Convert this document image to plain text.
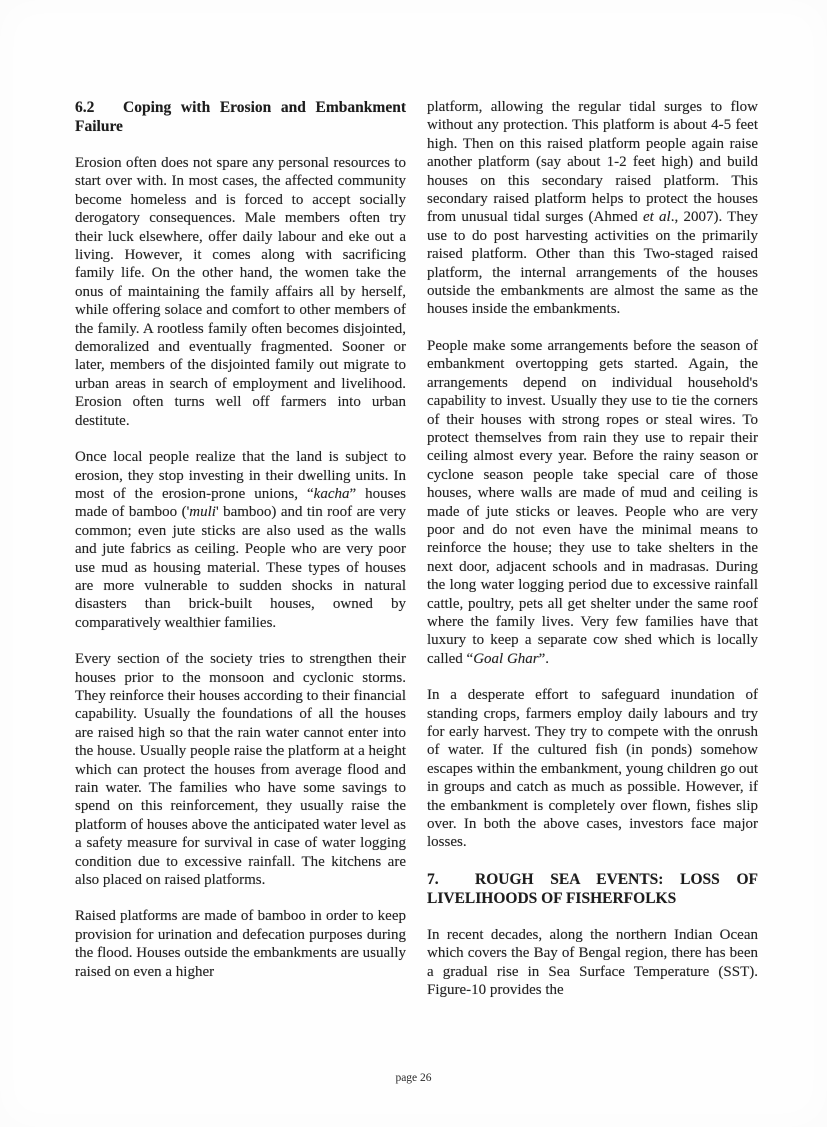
6.2 Coping with Erosion and Embankment Failure

Erosion often does not spare any personal resources to start over with. In most cases, the affected community become homeless and is forced to accept socially derogatory consequences. Male members often try their luck elsewhere, offer daily labour and eke out a living. However, it comes along with sacrificing family life. On the other hand, the women take the onus of maintaining the family affairs all by herself, while offering solace and comfort to other members of the family. A rootless family often becomes disjointed, demoralized and eventually fragmented. Sooner or later, members of the disjointed family out migrate to urban areas in search of employment and livelihood. Erosion often turns well off farmers into urban destitute.

Once local people realize that the land is subject to erosion, they stop investing in their dwelling units. In most of the erosion-prone unions, “kacha” houses made of bamboo ('muli' bamboo) and tin roof are very common; even jute sticks are also used as the walls and jute fabrics as ceiling. People who are very poor use mud as housing material. These types of houses are more vulnerable to sudden shocks in natural disasters than brick-built houses, owned by comparatively wealthier families.

Every section of the society tries to strengthen their houses prior to the monsoon and cyclonic storms. They reinforce their houses according to their financial capability. Usually the foundations of all the houses are raised high so that the rain water cannot enter into the house. Usually people raise the platform at a height which can protect the houses from average flood and rain water. The families who have some savings to spend on this reinforcement, they usually raise the platform of houses above the anticipated water level as a safety measure for survival in case of water logging condition due to excessive rainfall. The kitchens are also placed on raised platforms.

Raised platforms are made of bamboo in order to keep provision for urination and defecation purposes during the flood. Houses outside the embankments are usually raised on even a higher

platform, allowing the regular tidal surges to flow without any protection. This platform is about 4-5 feet high. Then on this raised platform people again raise another platform (say about 1-2 feet high) and build houses on this secondary raised platform. This secondary raised platform helps to protect the houses from unusual tidal surges (Ahmed et al., 2007). They use to do post harvesting activities on the primarily raised platform. Other than this Two-staged raised platform, the internal arrangements of the houses outside the embankments are almost the same as the houses inside the embankments.

People make some arrangements before the season of embankment overtopping gets started. Again, the arrangements depend on individual household's capability to invest. Usually they use to tie the corners of their houses with strong ropes or steal wires. To protect themselves from rain they use to repair their ceiling almost every year. Before the rainy season or cyclone season people take special care of those houses, where walls are made of mud and ceiling is made of jute sticks or leaves. People who are very poor and do not even have the minimal means to reinforce the house; they use to take shelters in the next door, adjacent schools and in madrasas. During the long water logging period due to excessive rainfall cattle, poultry, pets all get shelter under the same roof where the family lives. Very few families have that luxury to keep a separate cow shed which is locally called “Goal Ghar”.

In a desperate effort to safeguard inundation of standing crops, farmers employ daily labours and try for early harvest. They try to compete with the onrush of water. If the cultured fish (in ponds) somehow escapes within the embankment, young children go out in groups and catch as much as possible. However, if the embankment is completely over flown, fishes slip over. In both the above cases, investors face major losses.

7. ROUGH SEA EVENTS: LOSS OF LIVELIHOODS OF FISHERFOLKS

In recent decades, along the northern Indian Ocean which covers the Bay of Bengal region, there has been a gradual rise in Sea Surface Temperature (SST). Figure-10 provides the

page 26
